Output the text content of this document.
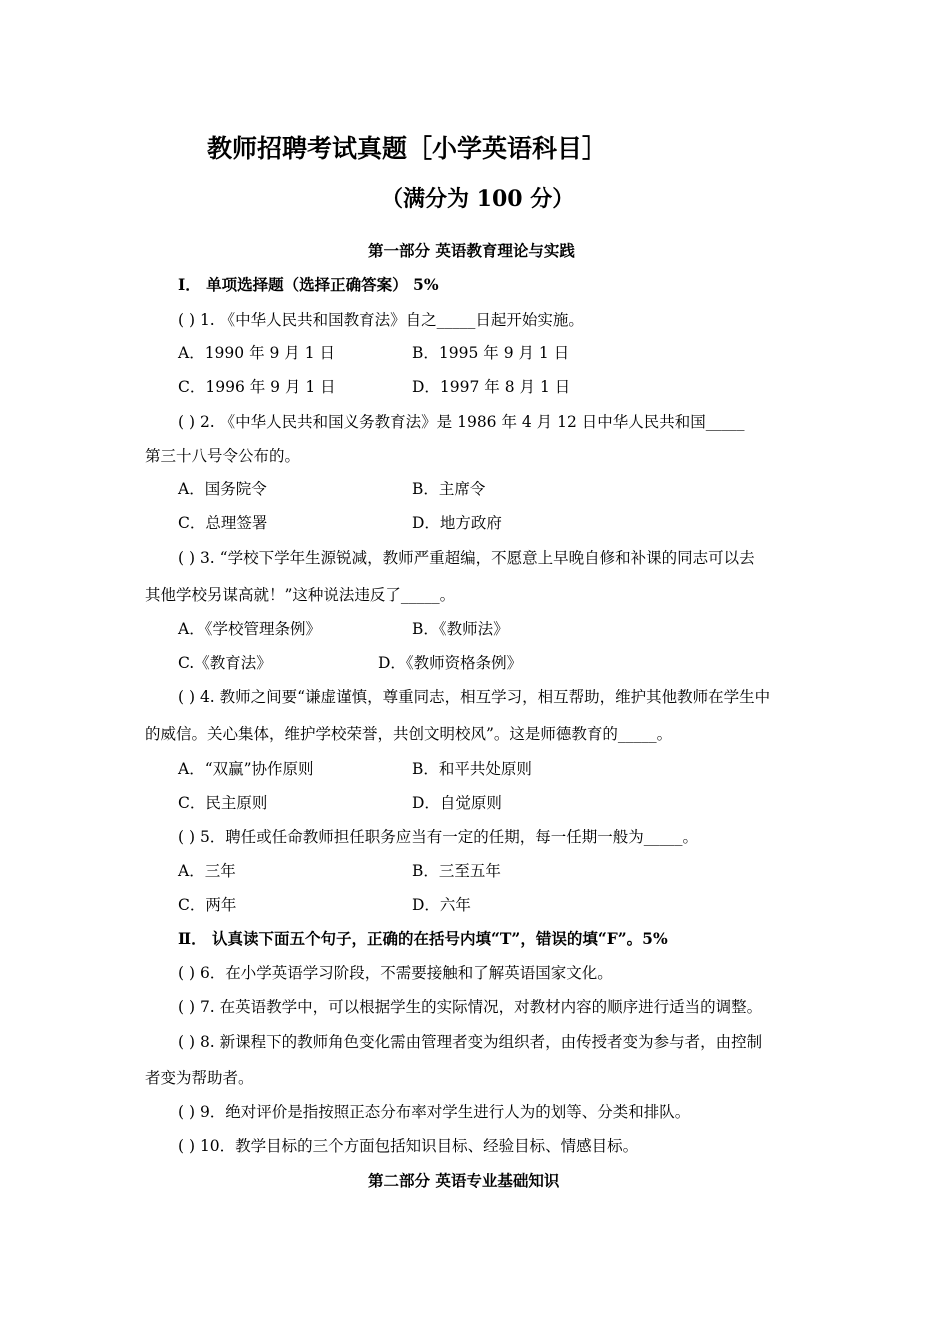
教师招聘考试真题［小学英语科目］
（满分为 100 分）
第一部分 英语教育理论与实践
Ⅰ． 单项选择题（选择正确答案） 5%
( ) 1. 《中华人民共和国教育法》自之_____日起开始实施。
A．1990 年 9 月 1 日	B．1995 年 9 月 1 日
C．1996 年 9 月 1 日	D．1997 年 8 月 1 日
( ) 2. 《中华人民共和国义务教育法》是 1986 年 4 月 12 日中华人民共和国_____
第三十八号令公布的。
A．国务院令	B．主席令
C．总理签署	D．地方政府
( ) 3. “学校下学年生源锐减，教师严重超编，不愿意上早晚自修和补课的同志可以去
其他学校另谋高就！”这种说法违反了_____。
A．《学校管理条例》	B．《教师法》
C.《教育法》	D．《教师资格条例》
( ) 4. 教师之间要“谦虚谨慎，尊重同志，相互学习，相互帮助，维护其他教师在学生中
的威信。关心集体，维护学校荣誉，共创文明校风”。这是师德教育的_____。
A．“双赢”协作原则	B．和平共处原则
C．民主原则	D．自觉原则
( ) 5．聘任或任命教师担任职务应当有一定的任期，每一任期一般为_____。
A．三年	B．三至五年
C．两年	D．六年
Ⅱ． 认真读下面五个句子，正确的在括号内填“T”，错误的填“F”。5%
( ) 6．在小学英语学习阶段，不需要接触和了解英语国家文化。
( ) 7. 在英语教学中，可以根据学生的实际情况，对教材内容的顺序进行适当的调整。
( ) 8. 新课程下的教师角色变化需由管理者变为组织者，由传授者变为参与者，由控制
者变为帮助者。
( ) 9．绝对评价是指按照正态分布率对学生进行人为的划等、分类和排队。
( ) 10．教学目标的三个方面包括知识目标、经验目标、情感目标。
第二部分 英语专业基础知识
